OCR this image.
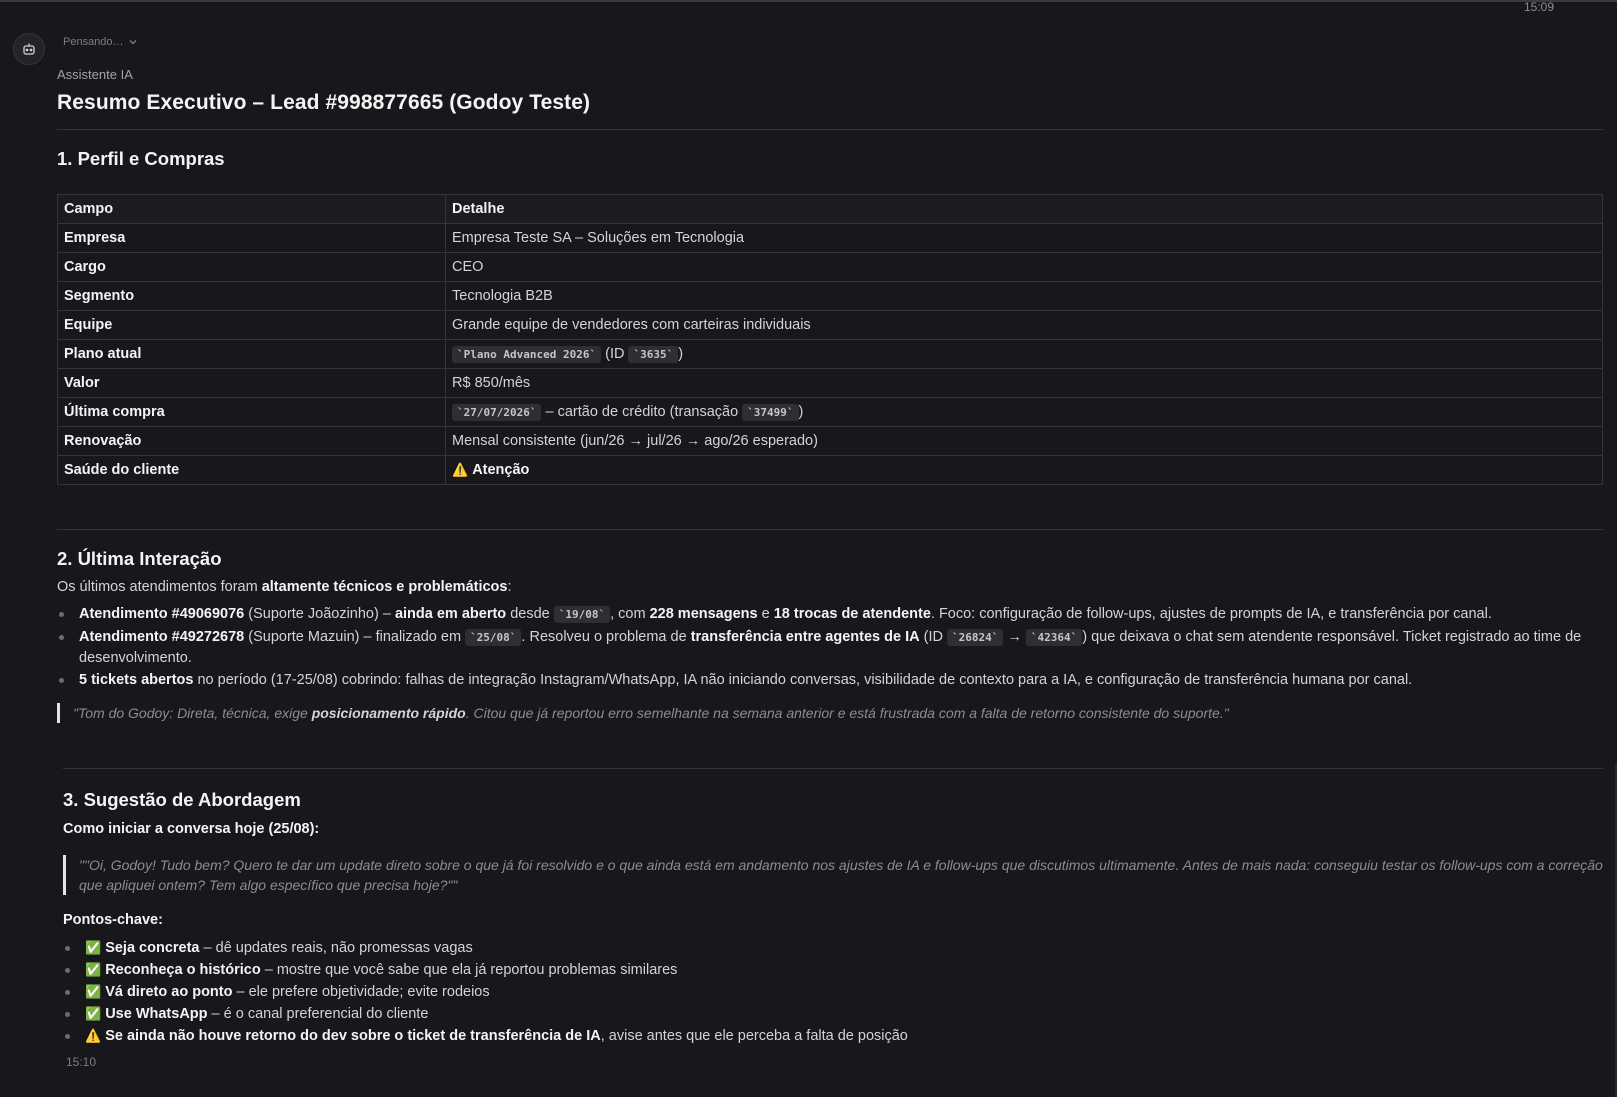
15:09
Pensando…
Assistente IA
Resumo Executivo – Lead #998877665 (Godoy Teste)
1. Perfil e Compras
Campo	Detalhe
Empresa	Empresa Teste SA – Soluções em Tecnologia
Cargo	CEO
Segmento	Tecnologia B2B
Equipe	Grande equipe de vendedores com carteiras individuais
Plano atual	`Plano Advanced 2026` (ID `3635` )
Valor	R$ 850/mês
Última compra	`27/07/2026` – cartão de crédito (transação `37499` )
Renovação	Mensal consistente (jun/26 → jul/26 → ago/26 esperado)
Saúde do cliente	⚠️ Atenção
2. Última Interação

Os últimos atendimentos foram altamente técnicos e problemáticos:

Atendimento #49069076 (Suporte Joãozinho) – ainda em aberto desde `19/08` , com 228 mensagens e 18 trocas de atendente. Foco: configuração de follow-ups, ajustes de prompts de IA, e transferência por canal.
Atendimento #49272678 (Suporte Mazuin) – finalizado em `25/08` . Resolveu o problema de transferência entre agentes de IA (ID `26824` → `42364` ) que deixava o chat sem atendente responsável. Ticket registrado ao time de desenvolvimento.
5 tickets abertos no período (17-25/08) cobrindo: falhas de integração Instagram/WhatsApp, IA não iniciando conversas, visibilidade de contexto para a IA, e configuração de transferência humana por canal.
"Tom do Godoy: Direta, técnica, exige posicionamento rápido. Citou que já reportou erro semelhante na semana anterior e está frustrada com a falta de retorno consistente do suporte."
3. Sugestão de Abordagem

Como iniciar a conversa hoje (25/08):

""Oi, Godoy! Tudo bem? Quero te dar um update direto sobre o que já foi resolvido e o que ainda está em andamento nos ajustes de IA e follow-ups que discutimos ultimamente. Antes de mais nada: conseguiu testar os follow-ups com a correção que apliquei ontem? Tem algo específico que precisa hoje?""

Pontos-chave:

✅ Seja concreta – dê updates reais, não promessas vagas
✅ Reconheça o histórico – mostre que você sabe que ela já reportou problemas similares
✅ Vá direto ao ponto – ele prefere objetividade; evite rodeios
✅ Use WhatsApp – é o canal preferencial do cliente
⚠️ Se ainda não houve retorno do dev sobre o ticket de transferência de IA, avise antes que ele perceba a falta de posição
15:10
